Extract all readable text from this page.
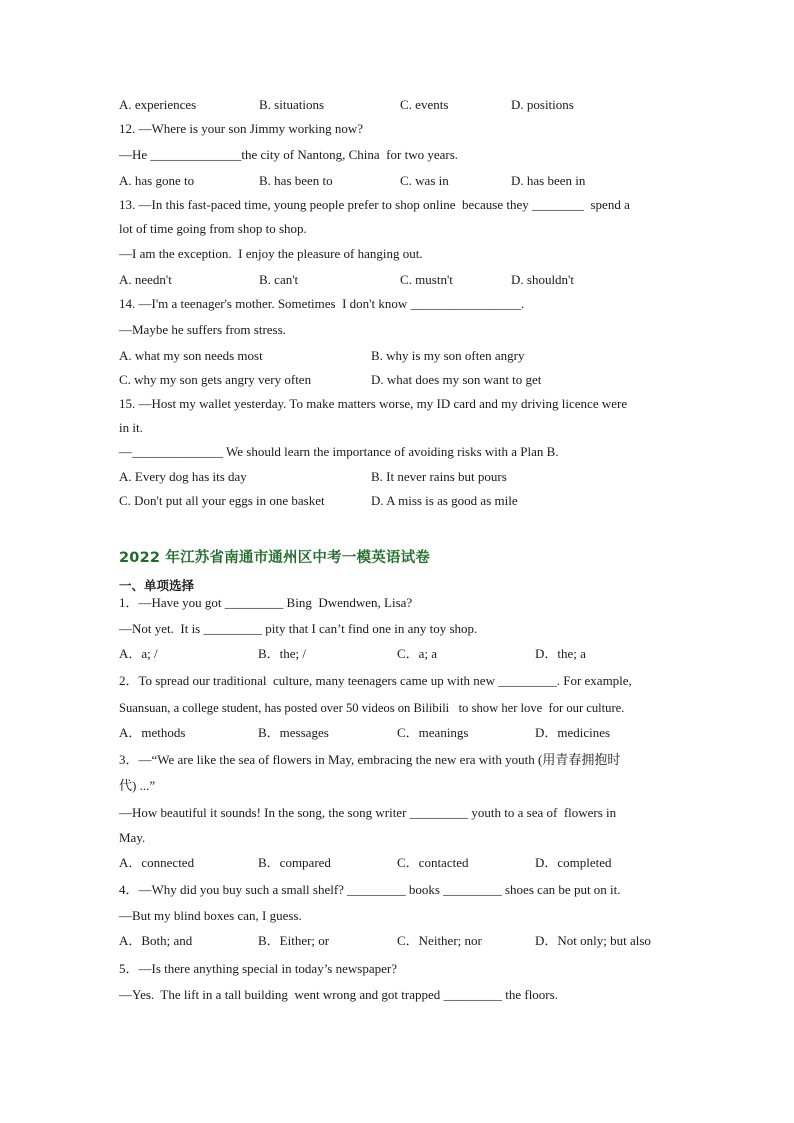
A. experiences	B. situations	C. events	D. positions
12. —Where is your son Jimmy working now?
—He ______________the city of Nantong, China  for two years.
A. has gone to	B. has been to	C. was in	D. has been in
13. —In this fast-paced time, young people prefer to shop online  because they ________  spend a
lot of time going from shop to shop.
—I am the exception.  I enjoy the pleasure of hanging out.
A. needn't	B. can't	C. mustn't	D. shouldn't
14. —I'm a teenager's mother. Sometimes  I don't know _________________.
—Maybe he suffers from stress.
A. what my son needs most	B. why is my son often angry
C. why my son gets angry very often	D. what does my son want to get
15. —Host my wallet yesterday. To make matters worse, my ID card and my driving licence were
in it.
—______________ We should learn the importance of avoiding risks with a Plan B.
A. Every dog has its day	B. It never rains but pours
C. Don't put all your eggs in one basket	D. A miss is as good as mile
2022 年江苏省南通市通州区中考一模英语试卷
一、单项选择
1．—Have you got _________ Bing  Dwendwen, Lisa?
—Not yet.  It is _________ pity that I can’t find one in any toy shop.
A．a; /	B．the; /	C．a; a	D．the; a
2．To spread our traditional  culture, many teenagers came up with new _________. For example,
Suansuan, a college student, has posted over 50 videos on Bilibili   to show her love  for our culture.
A．methods	B．messages	C．meanings	D．medicines
3．—“We are like the sea of flowers in May, embracing the new era with youth (用青春拥抱时
代) ...”
—How beautiful it sounds! In the song, the song writer _________ youth to a sea of  flowers in
May.
A．connected	B．compared	C．contacted	D．completed
4．—Why did you buy such a small shelf? _________ books _________ shoes can be put on it.
—But my blind boxes can, I guess.
A．Both; and	B．Either; or	C．Neither; nor	D．Not only; but also
5．—Is there anything special in today’s newspaper?
—Yes.  The lift in a tall building  went wrong and got trapped _________ the floors.
